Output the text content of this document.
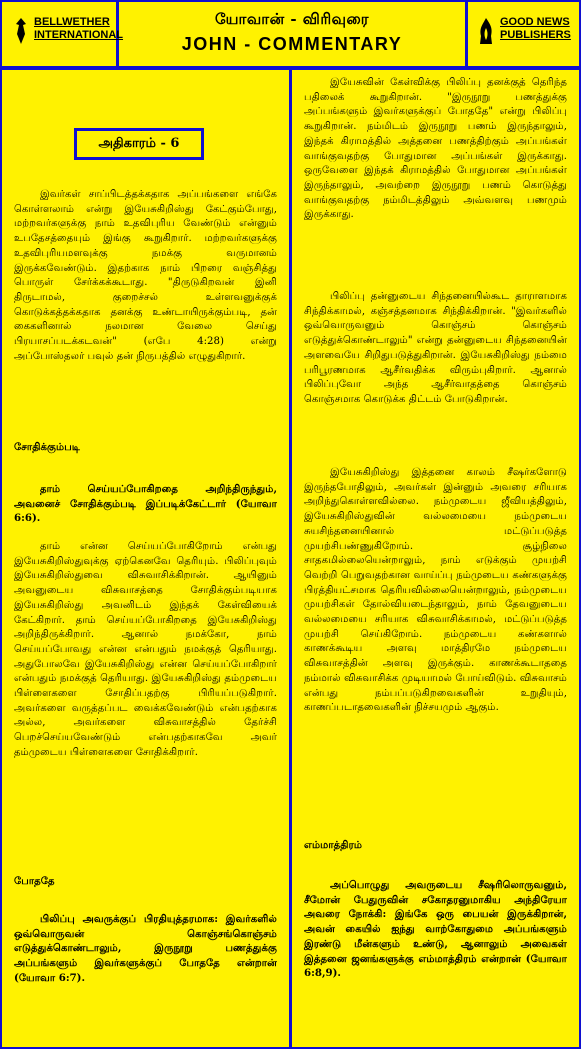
BELLWETHER
INTERNATIONAL
யோவான் - விரிவுரை
JOHN - COMMENTARY
GOOD NEWS
PUBLISHERS
அதிகாரம் - 6

இவர்கள் சாப்பிடத்தக்கதாக அப்பங்களை எங்கே கொள்ளலாம் என்று இயேசுகிறிஸ்து கேட்கும்போது, மற்றவர்களுக்கு நாம் உதவிபுரிய வேண்டும் என்னும் உபதேசத்தையும் இங்கு கூறுகிறார். மற்றவர்களுக்கு உதவிபுரியமளவுக்கு நமக்கு வருமானம் இருக்கவேண்டும். இதற்காக நாம் பிறரை வஞ்சித்து பொருள் சேர்க்கக்கூடாது. "திருடுகிறவன் இனி திருடாமல், குறைச்சல் உள்ளவனுக்குக் கொடுக்கத்தக்கதாக தனக்கு உண்டாயிருக்கும்படி, தன் கைகளினால் நலமான வேலை செய்து பிரயாசப்படக்கடவன்" (எபே 4:28) என்று அப்போஸ்தலர் பவுல் தன் நிருபத்தில் எழுதுகிறார்.

சோதிக்கும்படி

தாம் செய்யப்போகிறதை அறிந்திருந்தும், அவனைச் சோதிக்கும்படி இப்படிக்கேட்டார் (யோவா 6:6).

தாம் என்ன செய்யப்போகிறோம் என்பது இயேசுகிறிஸ்துவுக்கு ஏற்கெனவே தெரியும். பிலிப்புவும் இயேசுகிறிஸ்துவை விசுவாசிக்கிறான். ஆயினும் அவனுடைய விசுவாசத்தை சோதிக்கும்படியாக இயேசுகிறிஸ்து அவனிடம் இந்தக் கேள்வியைக் கேட்கிறார். தாம் செய்யப்போகிறதை இயேசுகிறிஸ்து அறிந்திருக்கிறார். ஆனால் நமக்கோ, நாம் செய்யப்போவது என்ன என்பதும் நமக்குத் தெரியாது. அதுபோலவே இயேசுகிறிஸ்து என்ன செய்யப்போகிறார் என்பதும் நமக்குத் தெரியாது. இயேசுகிறிஸ்து தம்முடைய பிள்ளைகளை சோதிப்பதற்கு பிரியப்படுகிறார். அவர்களை வருத்தப்பட வைக்கவேண்டும் என்பதற்காக அல்ல, அவர்களை விசுவாசத்தில் தேர்ச்சி பெறச்செய்யவேண்டும் என்பதற்காகவே அவர் தம்முடைய பிள்ளைகளை சோதிக்கிறார்.

போததே

பிலிப்பு அவருக்குப் பிரதியுத்தரமாக: இவர்களில் ஒவ்வொருவன் கொஞ்சங்கொஞ்சம் எடுத்துக்கொண்டாலும், இருநூறு பணத்துக்கு அப்பங்களும் இவர்களுக்குப் போததே என்றான் (யோவா 6:7).

இயேசுவின் கேள்விக்கு பிலிப்பு தனக்குத் தெரிந்த பதிலைக் கூறுகிறான். "இருநூறு பணத்துக்கு அப்பங்களும் இவர்களுக்குப் போததே" என்று பிலிப்பு கூறுகிறான். நம்மிடம் இருநூறு பணம் இருந்தாலும், இந்தக் கிராமத்தில் அத்தனை பணத்திற்கும் அப்பங்கள் வாங்குவதற்கு போதுமான அப்பங்கள் இருக்காது. ஒருவேளை இந்தக் கிராமத்தில் போதுமான அப்பங்கள் இருந்தாலும், அவற்றை இருநூறு பணம் கொடுத்து வாங்குவதற்கு நம்மிடத்திலும் அவ்வளவு பணமும் இருக்காது.

பிலிப்பு தன்னுடைய சிந்தனையில்கூட தாராளமாக சிந்திக்காமல், கஞ்சத்தனமாக சிந்திக்கிறான். "இவர்களில் ஒவ்வொருவனும் கொஞ்சம் கொஞ்சம் எடுத்துக்கொண்டாலும்" என்று தன்னுடைய சிந்தனையின் அளவையே சிறிதுபடுத்துகிறான். இயேசுகிறிஸ்து நம்மை பரிபூரணமாக ஆசீர்வதிக்க விரும்புகிறார். ஆனால் பிலிப்புவோ அந்த ஆசீர்வாதத்தை கொஞ்சம் கொஞ்சமாக கொடுக்க திட்டம் போடுகிறான்.

இயேசுகிறிஸ்து இத்தனை காலம் சீஷர்களோடு இருந்தபோதிலும், அவர்கள் இன்னும் அவரை சரியாக அறிந்துகொள்ளவில்லை. நம்முடைய ஜீவியத்திலும், இயேசுகிறிஸ்துவின் வல்லமையை நம்முடைய சுயசிந்தனையினால் மட்டுப்படுத்த முயற்சிபண்ணுகிறோம். சூழ்நிலை சாதகமில்லையென்றாலும், நாம் எடுக்கும் முயற்சி வெற்றி பெறுவதற்கான வாய்ப்பு நம்முடைய கண்களுக்கு பிரத்தியட்சமாக தெரியவில்லையென்றாலும், நம்முடைய முயற்சிகள் தோல்வியடைந்தாலும், நாம் தேவனுடைய வல்லமையை சரியாக விசுவாசிக்காமல், மட்டுப்படுத்த முயற்சி செய்கிறோம். நம்முடைய கண்களால் காணக்கூடிய அளவு மாத்திரமே நம்முடைய விசுவாசத்தின் அளவு இருக்கும். காணக்கூடாததை நம்மால் விசுவாசிக்க முடியாமல் போய்விடும். விசுவாசம் என்பது நம்பப்படுகிறவைகளின் உறுதியும், காணப்படாதவைகளின் நிச்சயமும் ஆகும்.

எம்மாத்திரம்

அப்பொழுது அவருடைய சீஷரிலொருவனும், சீமோன் பேதுருவின் சகோதரனுமாகிய அந்திரேயா அவரை நோக்கி: இங்கே ஒரு பையன் இருக்கிறான், அவன் கையில் ஐந்து வாற்கோதுமை அப்பங்களும் இரண்டு மீன்களும் உண்டு, ஆனாலும் அவைகள் இத்தனை ஜனங்களுக்கு எம்மாத்திரம் என்றான் (யோவா 6:8,9).
